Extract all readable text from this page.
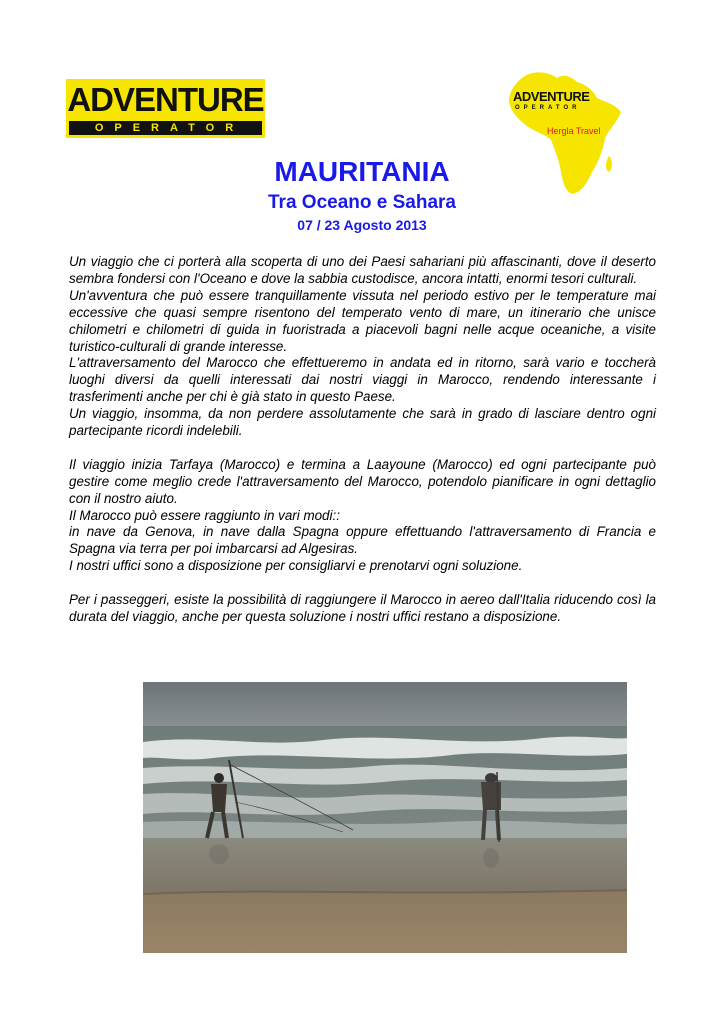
ADVENTURE
OPERATOR
ADVENTURE
OPERATOR
Hergla Travel
MAURITANIA
Tra Oceano e Sahara
07 / 23 Agosto 2013

Un viaggio che ci porterà alla scoperta di uno dei Paesi sahariani più affascinanti, dove il deserto sembra fondersi con l'Oceano e dove la sabbia custodisce, ancora intatti, enormi tesori culturali.

Un'avventura che può essere tranquillamente vissuta nel periodo estivo per le temperature mai eccessive che quasi sempre risentono del temperato vento di mare, un itinerario che unisce chilometri e chilometri di guida in fuoristrada a piacevoli bagni nelle acque oceaniche, a visite turistico-culturali di grande interesse.

L'attraversamento del Marocco che effettueremo in andata ed in ritorno, sarà vario e toccherà luoghi diversi da quelli interessati dai nostri viaggi in Marocco, rendendo interessante i trasferimenti anche per chi è già stato in questo Paese.

Un viaggio, insomma, da non perdere assolutamente che sarà in grado di lasciare dentro ogni partecipante ricordi indelebili.

Il viaggio inizia Tarfaya (Marocco) e termina a Laayoune (Marocco) ed ogni partecipante può gestire come meglio crede l'attraversamento del Marocco, potendolo pianificare in ogni dettaglio con il nostro aiuto.

Il Marocco può essere raggiunto in vari modi::

in nave da Genova, in nave dalla Spagna oppure effettuando l'attraversamento di Francia e Spagna via terra per poi imbarcarsi ad Algesiras.

I nostri uffici sono a disposizione per consigliarvi e prenotarvi ogni soluzione.

Per i passeggeri, esiste la possibilità di raggiungere il Marocco in aereo dall'Italia riducendo così la durata del viaggio, anche per questa soluzione i nostri uffici restano a disposizione.
